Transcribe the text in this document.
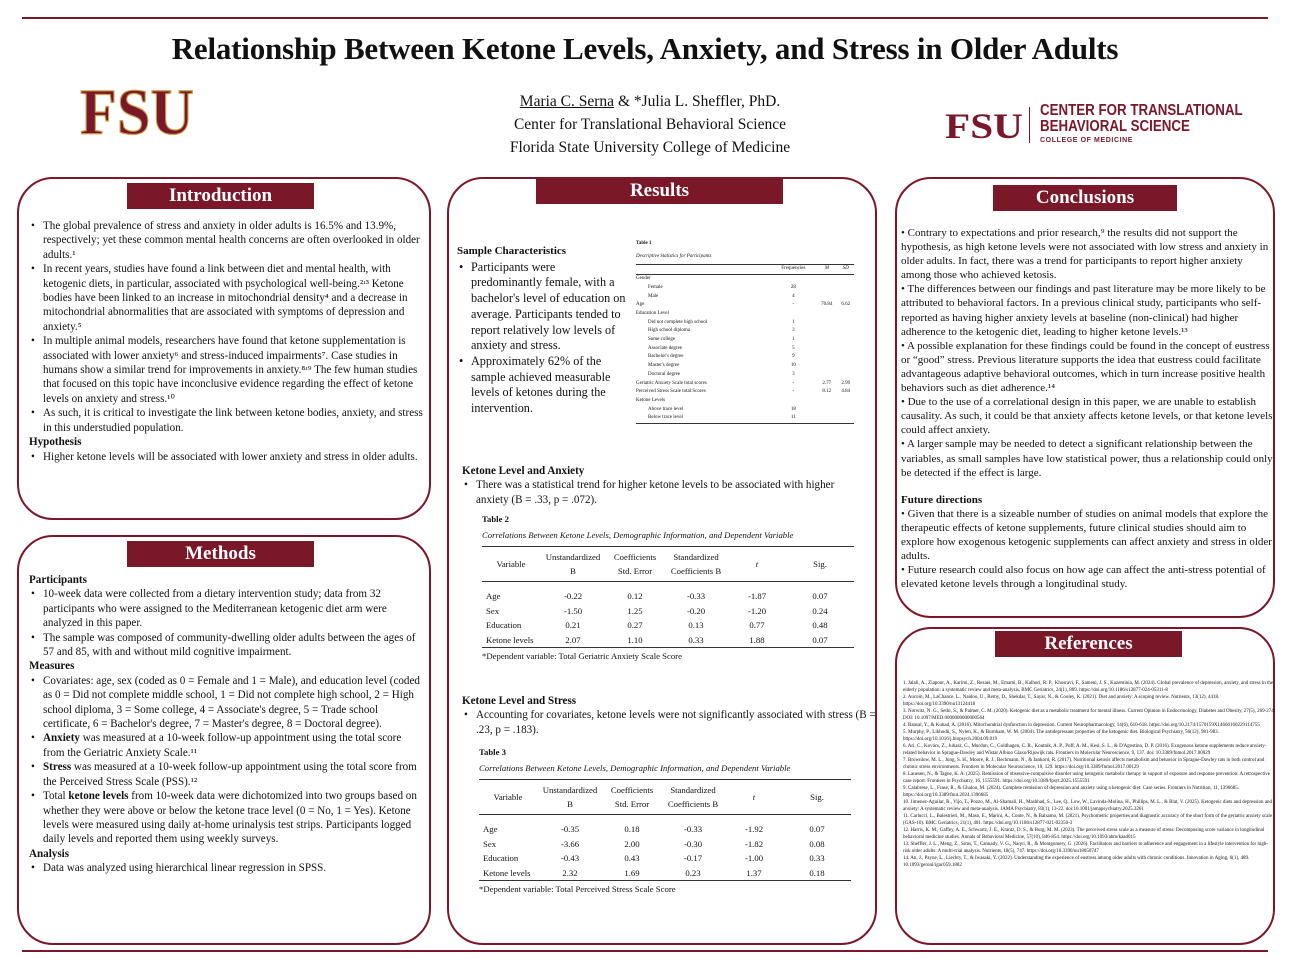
Relationship Between Ketone Levels, Anxiety, and Stress in Older Adults
FSU	Maria C. Serna & *Julia L. Sheffler, PhD.
Center for Translational Behavioral Science
Florida State University College of Medicine
FSU CENTER FOR TRANSLATIONAL
BEHAVIORAL SCIENCE
COLLEGE OF MEDICINE
Introduction
• The global prevalence of stress and anxiety in older adults is 16.5% and 13.9%, respectively; yet these common mental health concerns are often overlooked in older adults.¹
• In recent years, studies have found a link between diet and mental health, with ketogenic diets, in particular, associated with psychological well-being.²ʴ³ Ketone bodies have been linked to an increase in mitochondrial density⁴ and a decrease in mitochondrial abnormalities that are associated with symptoms of depression and anxiety.⁵
• In multiple animal models, researchers have found that ketone supplementation is associated with lower anxiety⁶ and stress-induced impairments⁷. Case studies in humans show a similar trend for improvements in anxiety.⁸ʴ⁹ The few human studies that focused on this topic have inconclusive evidence regarding the effect of ketone levels on anxiety and stress.¹⁰
• As such, it is critical to investigate the link between ketone bodies, anxiety, and stress in this understudied population.
Hypothesis
• Higher ketone levels will be associated with lower anxiety and stress in older adults.
Methods
Participants
• 10-week data were collected from a dietary intervention study; data from 32 participants who were assigned to the Mediterranean ketogenic diet arm were analyzed in this paper.
• The sample was composed of community-dwelling older adults between the ages of 57 and 85, with and without mild cognitive impairment.
Measures
• Covariates: age, sex (coded as 0 = Female and 1 = Male), and education level (coded as 0 = Did not complete middle school, 1 = Did not complete high school, 2 = High school diploma, 3 = Some college, 4 = Associate's degree, 5 = Trade school certificate, 6 = Bachelor's degree, 7 = Master's degree, 8 = Doctoral degree).
• Anxiety was measured at a 10-week follow-up appointment using the total score from the Geriatric Anxiety Scale.¹¹
• Stress was measured at a 10-week follow-up appointment using the total score from the Perceived Stress Scale (PSS).¹²
• Total ketone levels from 10-week data were dichotomized into two groups based on whether they were above or below the ketone trace level (0 = No, 1 = Yes). Ketone levels were measured using daily at-home urinalysis test strips. Participants logged daily levels and reported them using weekly surveys.
Analysis
• Data was analyzed using hierarchical linear regression in SPSS.
Results
Sample Characteristics
• Participants were predominantly female, with a bachelor's level of education on average. Participants tended to report relatively low levels of anxiety and stress.
• Approximately 62% of the sample achieved measurable levels of ketones during the intervention.
Table 1
Descriptive Statistics for Participants
	Frequencies	M	SD
Gender			
Female	28		
Male	4		
Age	-	70.84	6.62
Education Level			
Did not complete high school	1		
High school diploma	3		
Some college	1		
Associate degree	5		
Bachelor's degree	9		
Master's degree	10		
Doctoral degree	3		
Geriatric Anxiety Scale total scores	-	2.77	2.99
Perceived Stress Scale total Scores	-	8.12	4.84
Ketone Levels			
Above trace level	18		
Below trace level	11		
Ketone Level and Anxiety
• There was a statistical trend for higher ketone levels to be associated with higher anxiety (B = .33, p = .072).
Table 2
Correlations Between Ketone Levels, Demographic Information, and Dependent Variable
Variable	Unstandardized B	Coefficients Std. Error	Standardized Coefficients B	t	Sig.
Age	-0.22	0.12	-0.33	-1.87	0.07
Sex	-1.50	1.25	-0.20	-1.20	0.24
Education	0.21	0.27	0.13	0.77	0.48
Ketone levels	2.07	1.10	0.33	1.88	0.07
*Dependent variable: Total Geriatric Anxiety Scale Score
Ketone Level and Stress
• Accounting for covariates, ketone levels were not significantly associated with stress (B = .23, p = .183).
Table 3
Correlations Between Ketone Levels, Demographic Information, and Dependent Variable
Variable	Unstandardized B	Coefficients Std. Error	Standardized Coefficients B	t	Sig.
Age	-0.35	0.18	-0.33	-1.92	0.07
Sex	-3.66	2.00	-0.30	-1.82	0.08
Education	-0.43	0.43	-0.17	-1.00	0.33
Ketone levels	2.32	1.69	0.23	1.37	0.18
*Dependent variable: Total Perceived Stress Scale Score
Conclusions
• Contrary to expectations and prior research,⁹ the results did not support the hypothesis, as high ketone levels were not associated with low stress and anxiety in older adults. In fact, there was a trend for participants to report higher anxiety among those who achieved ketosis.
• The differences between our findings and past literature may be more likely to be attributed to behavioral factors. In a previous clinical study, participants who self-reported as having higher anxiety levels at baseline (non-clinical) had higher adherence to the ketogenic diet, leading to higher ketone levels.¹³
• A possible explanation for these findings could be found in the concept of eustress or “good” stress. Previous literature supports the idea that eustress could facilitate advantageous adaptive behavioral outcomes, which in turn increase positive health behaviors such as diet adherence.¹⁴
• Due to the use of a correlational design in this paper, we are unable to establish causality. As such, it could be that anxiety affects ketone levels, or that ketone levels could affect anxiety.
• A larger sample may be needed to detect a significant relationship between the variables, as small samples have low statistical power, thus a relationship could only be detected if the effect is large.
Future directions
• Given that there is a sizeable number of studies on animal models that explore the therapeutic effects of ketone supplements, future clinical studies should aim to explore how exogenous ketogenic supplements can affect anxiety and stress in older adults.
• Future research could also focus on how age can affect the anti-stress potential of elevated ketone levels through a longitudinal study.
References
1. Jalali, A., Ziapour, A., Karimi, Z., Rezaei, M., Emami, B., Kalhori, R. P., Khosravi, F., Sameni, J. S., Kazeminia, M. (2024). Global prevalence of depression, anxiety, and stress in the elderly population: a systematic review and meta-analysis. BMC Geriatrics, 24(1), 809. https://doi.org/10.1186/s12877-024-05311-8
2. Aucoin, M., LaChance, L., Naidoo, U., Remy, D., Shekdar, T., Sayar, N., & Cooley, K. (2021). Diet and anxiety: A scoping review. Nutrients, 13(12), 4418. https://doi.org/10.3390/nu13124418
3. Norwitz, N. G., Sethi, S., & Palmer, C. M. (2020). Ketogenic diet as a metabolic treatment for mental illness. Current Opinion in Endocrinology, Diabetes and Obesity, 27(5), 269-274. DOI: 10.1097/MED.0000000000000564
4. Bansal, Y., & Kuhad, A. (2016). Mitochondrial dysfunction in depression. Current Neuropharmacology, 14(6), 610-618. https://doi.org/10.2174/1570159X14666160229114755
5. Murphy, P., Likhodii, S., Nylen, K., & Burnham, W. M. (2004). The antidepressant properties of the ketogenic diet. Biological Psychiatry, 56(12), 981-983. https://doi.org/10.1016/j.biopsych.2004.09.019
6. Ari, C., Kovács, Z., Juhasz, G., Murdun, C., Goldhagen, C. R., Koutnik, A. P., Poff, A. M., Kesl, S. L., & D'Agostino, D. P. (2016). Exogenous ketone supplements reduce anxiety-related behavior in Sprague-Dawley and Wistar Albino Glaxo/Rijswijk rats. Frontiers in Molecular Neuroscience, 9, 137. doi: 10.3389/fnmol.2017.00029
7. Brownlow, M. L., Jung, S. H., Moore, R. J., Bechmann, N., & Jankord, R. (2017). Nutritional ketosis affects metabolism and behavior in Sprague-Dawley rats in both control and chronic stress environments. Frontiers in Molecular Neuroscience, 10, 129. https://doi.org/10.3389/fnmol.2017.00129
8. Lauesen, N., & Tague, K. A. (2025). Remission of obsessive-compulsive disorder using ketogenic metabolic therapy in support of exposure and response prevention: A retrospective case report. Frontiers in Psychiatry, 16, 1555591. https://doi.org/10.3389/fpsyt.2025.1555591
9. Calabrese, L., Frase, R., & Ghaloo, M. (2024). Complete remission of depression and anxiety using a ketogenic diet: Case series. Frontiers in Nutrition, 11, 1396685. https://doi.org/10.3389/fnut.2024.1396685
10. Jimenez-Aguilar, R., Vijo, T., Pozzo, M., Al-Shamali, H., Mashhad, S., Lee, Q., Low, W., Lavinda-Molina, H., Phillips, M. L., & Blat, V. (2025). Ketogenic diets and depression and anxiety: A systematic review and meta-analysis. JAMA Psychiatry, 83(1), 13-22. doi:10.1001/jamapsychiatry.2025.3261
11. Carlucci, L., Balestrieri, M., Maso, E., Marini, A., Conte, N., & Balsamo, M. (2021). Psychometric properties and diagnostic accuracy of the short form of the geriatric anxiety scale (GAS-10). BMC Geriatrics, 21(1), 401. https://doi.org/10.1186/s12877-021-02350-3
12. Harris, K. M., Gaffey, A. E., Schwartz, J. E., Krantz, D. S., & Burg, M. M. (2023). The perceived stress scale as a measure of stress: Decomposing score variance in longitudinal behavioral medicine studies. Annals of Behavioral Medicine, 57(10), 846-854. https://doi.org/10.1093/abm/kaad015
13. Sheffler, J. L., Meng, Z., Sims, T., Cannady, V. G., Naqvi, R., & Montgomery, G. (2026). Facilitators and barriers to adherence and engagement in a lifestyle intervention for high-risk older adults: A multi-trial analysis. Nutrients, 18(5), 747. https://doi.org/10.3390/nu18050747
14. An, J., Payne, L., Liechty, T., & Iwasaki, Y. (2022). Understanding the experience of eustress among older adults with chronic conditions. Innovation in Aging, 6(1), 489. 10.1093/geroni/igac059.1882
